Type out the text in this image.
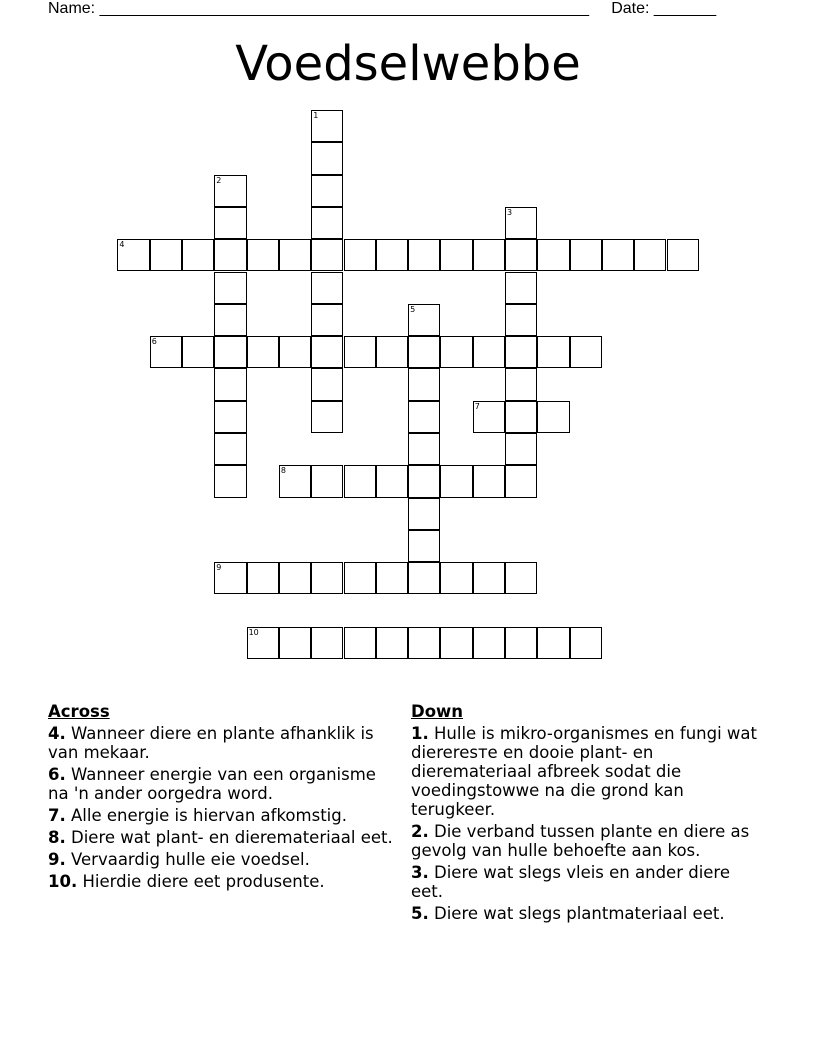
Name: _______________________________________________________     Date: _______
Voedselwebbe
1
2
3
4
5
6
7
8
9
10
Across
4. Wanneer diere en plante afhanklik is van mekaar.
6. Wanneer energie van een organisme na 'n ander oorgedra word.
7. Alle energie is hiervan afkomstig.
8. Diere wat plant- en dierematerіaal eet.
9. Vervaardig hulle eie voedsel.
10. Hierdie diere eet produsente.
Down
1. Hulle is mikro-organismes en fungi wat diereresте en dooie plant- en dierematerіaal afbreek sodat die voedingstowwe na die grond kan terugkeer.
2. Die verband tussen plante en diere as gevolg van hulle behoefte aan kos.
3. Diere wat slegs vleis en ander diere eet.
5. Diere wat slegs plantmateriaal eet.
